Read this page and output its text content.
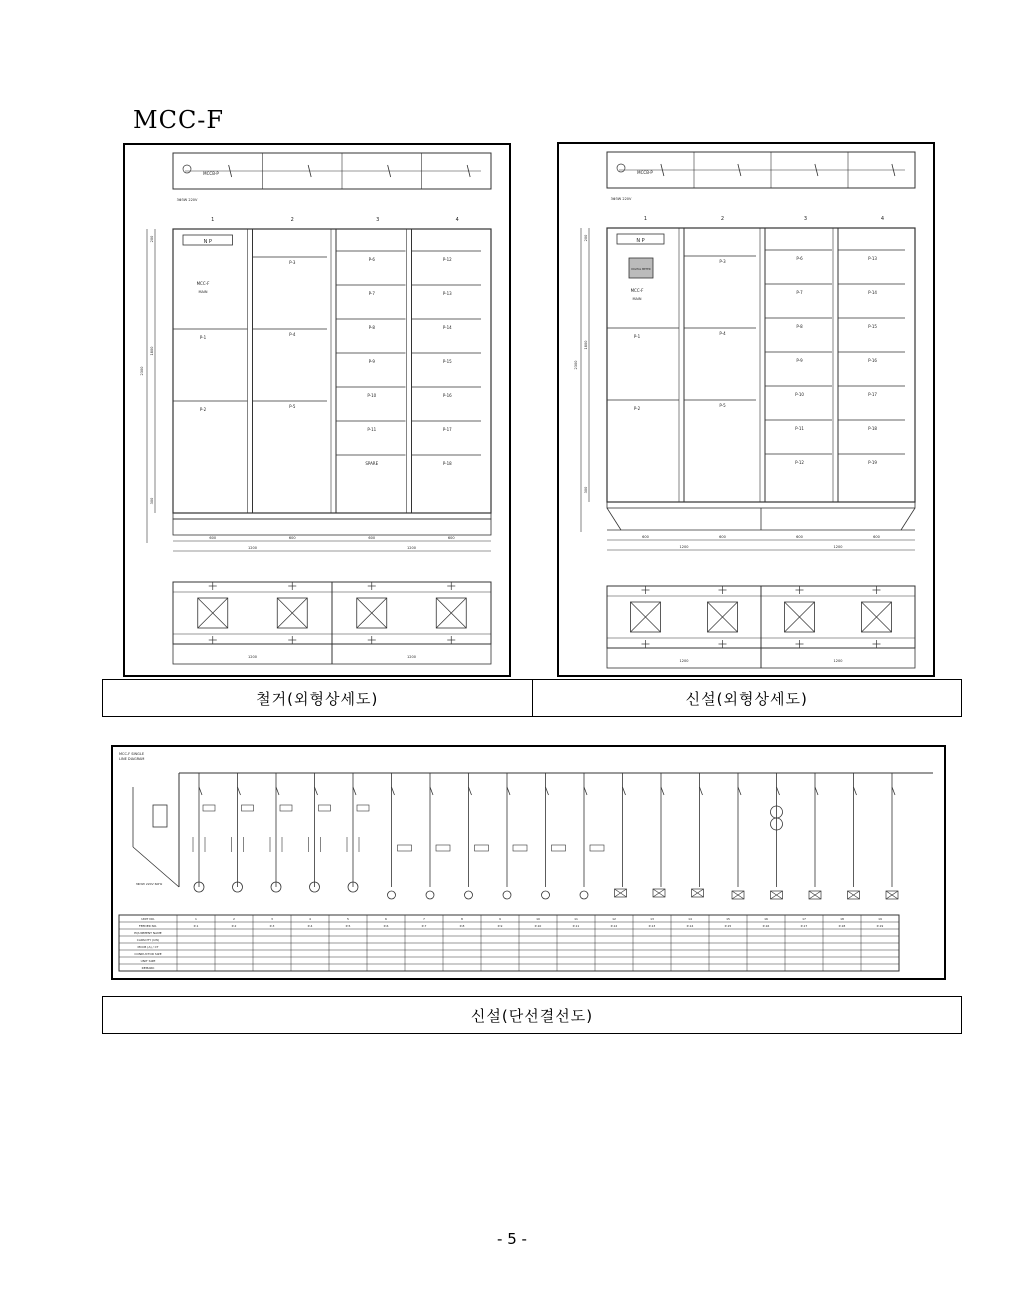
MCC-F
MCCB-P
3Φ3W 220V
1	2	3	4
N P
MCC-F
MAIN
P-1
P-2
P-3
P-4
P-5
P-6
P-7
P-8
P-9
P-10
P-11
SPARE
P-12
P-13
P-14
P-15
P-16
P-17
P-18
600	600	600	600
1200	1200
2300
1800
200
300
1200	1200
MCCB-P
3Φ3W 220V
1	2	3	4
N P
DIGITAL METER
MCC-F
MAIN
P-1
P-2
P-3
P-4
P-5
P-6
P-7
P-8
P-9
P-10
P-11
P-12
P-13
P-14
P-15
P-16
P-17
P-18
P-19
600	600	600	600
1200	1200
2300
1800
200
300
1200	1200
철거(외형상세도)	신설(외형상세도)
MCC-F SINGLE
LINE DIAGRAM
3Φ3W 220V 60Hz
UNIT NO.	1	2	3	4	5	6	7	8	9	10	11	12	13	14	15	16	17	18	19
FEEDER NO.	P-1	P-2	P-3	P-4	P-5	P-6	P-7	P-8	P-9	P-10	P-11	P-12	P-13	P-14	P-15	P-16	P-17	P-18	P-19
EQUIPMENT NAME
CAPACITY (kW)
MCCB (A) / CT
CONDUCTOR SIZE
UNIT SIZE
REMARK
신설(단선결선도)
- 5 -
